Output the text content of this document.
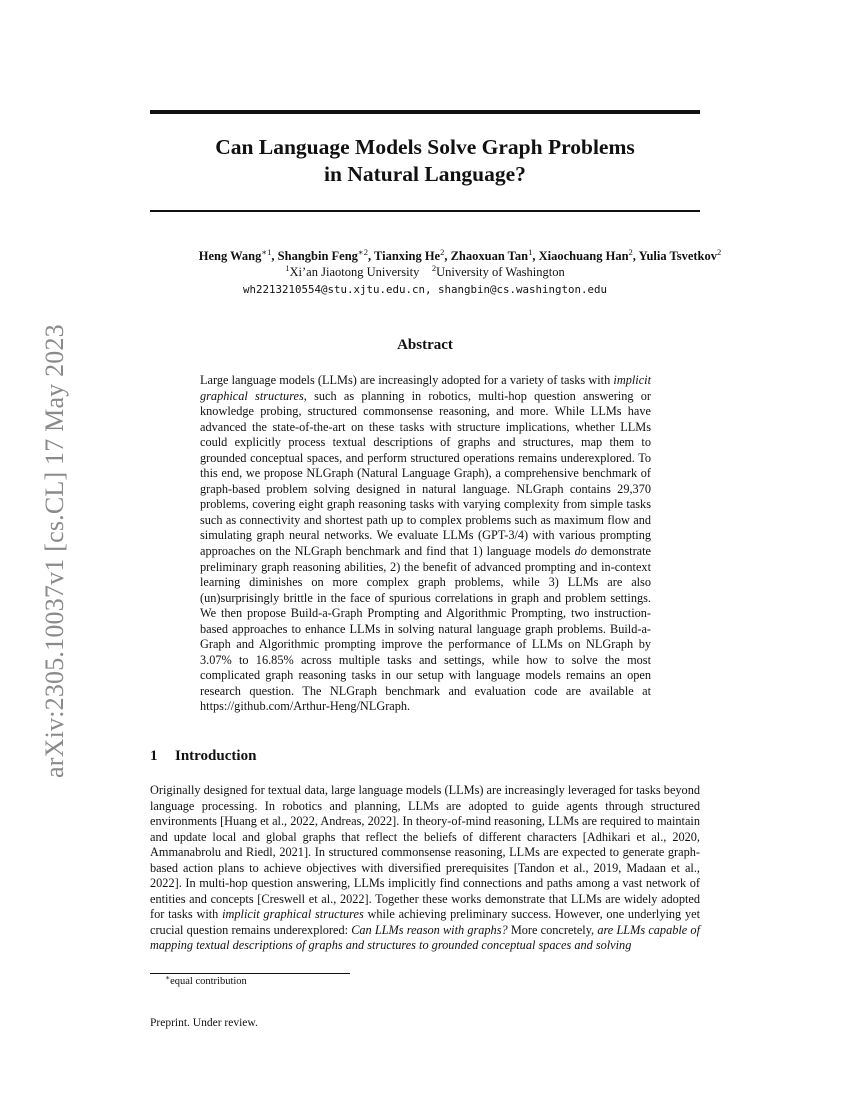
arXiv:2305.10037v1 [cs.CL] 17 May 2023
Can Language Models Solve Graph Problems
in Natural Language?
Heng Wang$^{∗1}$, Shangbin Feng$^{∗2}$, Tianxing He$^2$, Zhaoxuan Tan$^1$, Xiaochuang Han$^2$, Yulia Tsvetkov$^2$
$^1$Xi’an Jiaotong University $^2$University of Washington
wh2213210554@stu.xjtu.edu.cn, shangbin@cs.washington.edu
Abstract

Large language models (LLMs) are increasingly adopted for a variety of tasks with implicit graphical structures, such as planning in robotics, multi-hop question answering or knowledge probing, structured commonsense reasoning, and more. While LLMs have advanced the state-of-the-art on these tasks with structure implications, whether LLMs could explicitly process textual descriptions of graphs and structures, map them to grounded conceptual spaces, and perform structured operations remains underexplored. To this end, we propose NLGraph (Natural Language Graph), a comprehensive benchmark of graph-based problem solving designed in natural language. NLGraph contains 29,370 problems, covering eight graph reasoning tasks with varying complexity from simple tasks such as connectivity and shortest path up to complex problems such as maximum flow and simulating graph neural networks. We evaluate LLMs (GPT-3/4) with various prompting approaches on the NLGraph benchmark and find that 1) language models do demonstrate preliminary graph reasoning abilities, 2) the benefit of advanced prompting and in-context learning diminishes on more complex graph problems, while 3) LLMs are also (un)surprisingly brittle in the face of spurious correlations in graph and problem settings. We then propose Build-a-Graph Prompting and Algorithmic Prompting, two instruction-based approaches to enhance LLMs in solving natural language graph problems. Build-a-Graph and Algorithmic prompting improve the performance of LLMs on NLGraph by 3.07% to 16.85% across multiple tasks and settings, while how to solve the most complicated graph reasoning tasks in our setup with language models remains an open research question. The NLGraph benchmark and evaluation code are available at https://github.com/Arthur-Heng/NLGraph.

1 Introduction

Originally designed for textual data, large language models (LLMs) are increasingly leveraged for tasks beyond language processing. In robotics and planning, LLMs are adopted to guide agents through structured environments [Huang et al., 2022, Andreas, 2022]. In theory-of-mind reasoning, LLMs are required to maintain and update local and global graphs that reflect the beliefs of different characters [Adhikari et al., 2020, Ammanabrolu and Riedl, 2021]. In structured commonsense reasoning, LLMs are expected to generate graph-based action plans to achieve objectives with diversified prerequisites [Tandon et al., 2019, Madaan et al., 2022]. In multi-hop question answering, LLMs implicitly find connections and paths among a vast network of entities and concepts [Creswell et al., 2022]. Together these works demonstrate that LLMs are widely adopted for tasks with implicit graphical structures while achieving preliminary success. However, one underlying yet crucial question remains underexplored: Can LLMs reason with graphs? More concretely, are LLMs capable of mapping textual descriptions of graphs and structures to grounded conceptual spaces and solving

∗equal contribution
Preprint. Under review.
